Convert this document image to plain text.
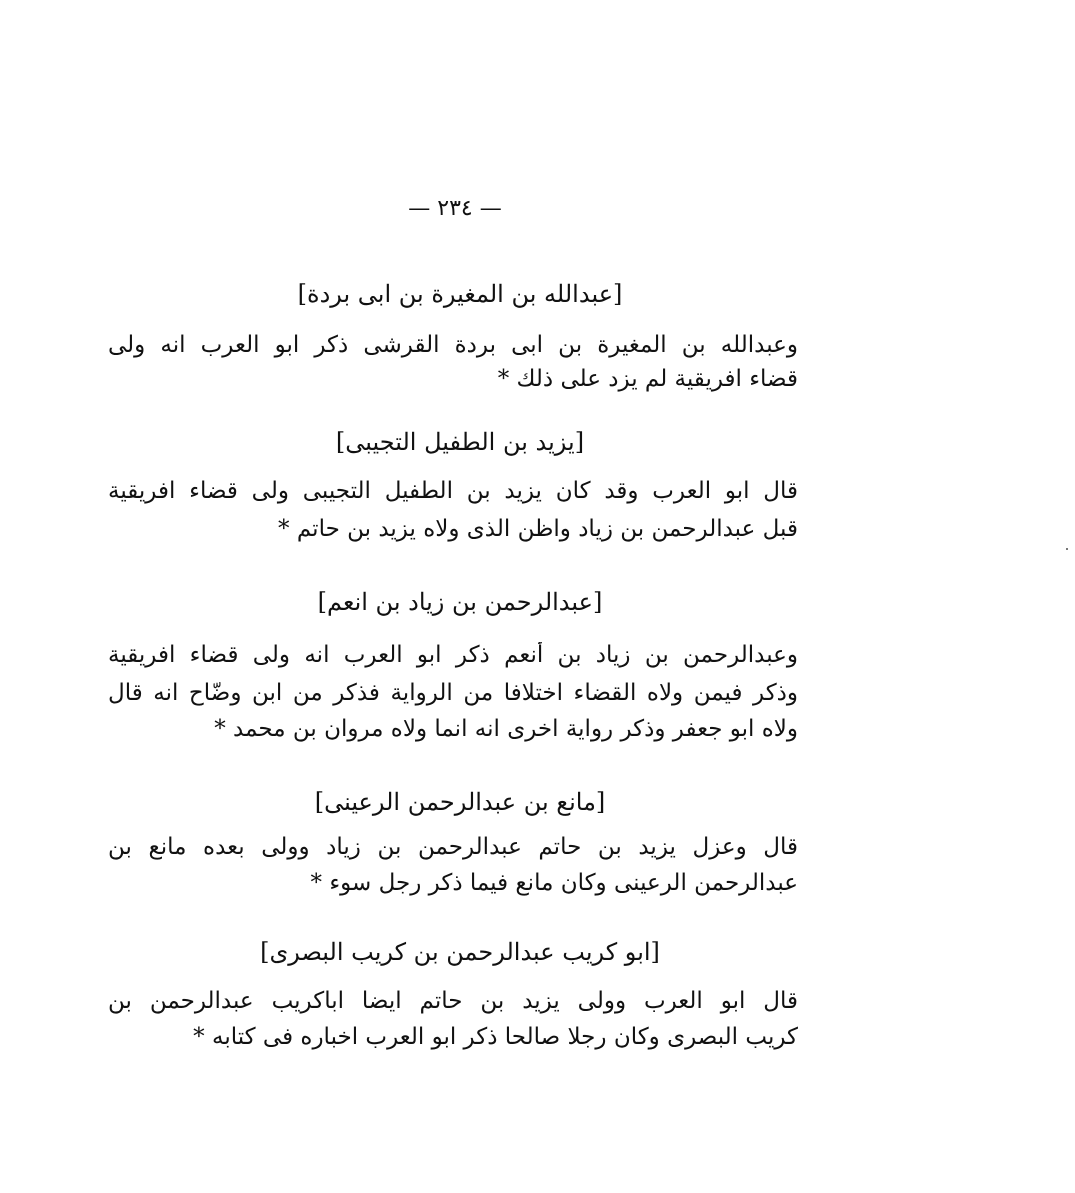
— ٢٣٤ —
[عبدالله بن المغيرة بن ابى بردة]
وعبدالله بن المغيرة بن ابى بردة القرشى ذكر ابو العرب انه ولى
قضاء افريقية لم يزد على ذلك *
[يزيد بن الطفيل التجيبى]
قال ابو العرب وقد كان يزيد بن الطفيل التجيبى ولى قضاء افريقية
قبل عبدالرحمن بن زياد واظن الذى ولاه يزيد بن حاتم *
[عبدالرحمن بن زياد بن انعم]
وعبدالرحمن بن زياد بن أنعم ذكر ابو العرب انه ولى قضاء افريقية
وذكر فيمن ولاه القضاء اختلافا من الرواية فذكر من ابن وضّاح انه قال
ولاه ابو جعفر وذكر رواية اخرى انه انما ولاه مروان بن محمد *
[مانع بن عبدالرحمن الرعينى]
قال وعزل يزيد بن حاتم عبدالرحمن بن زياد وولى بعده مانع بن
عبدالرحمن الرعينى وكان مانع فيما ذكر رجل سوء *
[ابو كريب عبدالرحمن بن كريب البصرى]
قال ابو العرب وولى يزيد بن حاتم ايضا اباكريب عبدالرحمن بن
كريب البصرى وكان رجلا صالحا ذكر ابو العرب اخباره فى كتابه *
